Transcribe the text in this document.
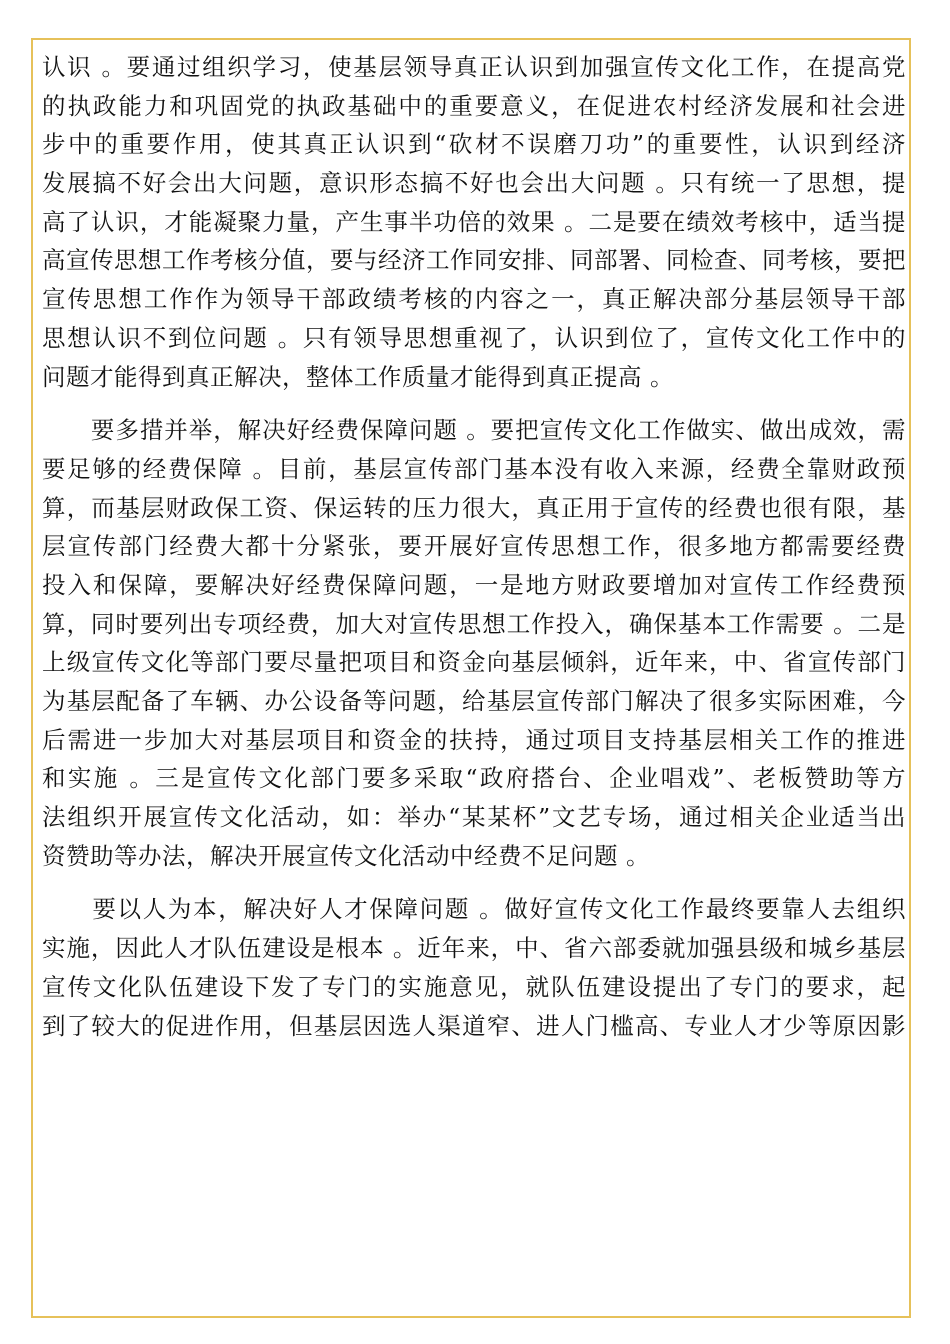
认识 。要通过组织学习，使基层领导真正认识到加强宣传文化工作，在提高党
的执政能力和巩固党的执政基础中的重要意义，在促进农村经济发展和社会进
步中的重要作用，使其真正认识到“砍材不误磨刀功”的重要性，认识到经济
发展搞不好会出大问题，意识形态搞不好也会出大问题 。只有统一了思想，提
高了认识，才能凝聚力量，产生事半功倍的效果 。二是要在绩效考核中，适当提
高宣传思想工作考核分值，要与经济工作同安排、同部署、同检查、同考核，要把
宣传思想工作作为领导干部政绩考核的内容之一，真正解决部分基层领导干部
思想认识不到位问题 。只有领导思想重视了，认识到位了，宣传文化工作中的
问题才能得到真正解决，整体工作质量才能得到真正提高 。
　　要多措并举，解决好经费保障问题 。要把宣传文化工作做实、做出成效，需
要足够的经费保障 。目前，基层宣传部门基本没有收入来源，经费全靠财政预
算，而基层财政保工资、保运转的压力很大，真正用于宣传的经费也很有限，基
层宣传部门经费大都十分紧张，要开展好宣传思想工作，很多地方都需要经费
投入和保障，要解决好经费保障问题，一是地方财政要增加对宣传工作经费预
算，同时要列出专项经费，加大对宣传思想工作投入，确保基本工作需要 。二是
上级宣传文化等部门要尽量把项目和资金向基层倾斜，近年来，中、省宣传部门
为基层配备了车辆、办公设备等问题，给基层宣传部门解决了很多实际困难，今
后需进一步加大对基层项目和资金的扶持，通过项目支持基层相关工作的推进
和实施 。三是宣传文化部门要多采取“政府搭台、企业唱戏”、老板赞助等方
法组织开展宣传文化活动，如：举办“某某杯”文艺专场，通过相关企业适当出
资赞助等办法，解决开展宣传文化活动中经费不足问题 。
　　要以人为本，解决好人才保障问题 。做好宣传文化工作最终要靠人去组织
实施，因此人才队伍建设是根本 。近年来，中、省六部委就加强县级和城乡基层
宣传文化队伍建设下发了专门的实施意见，就队伍建设提出了专门的要求，起
到了较大的促进作用，但基层因选人渠道窄、进人门槛高、专业人才少等原因影
